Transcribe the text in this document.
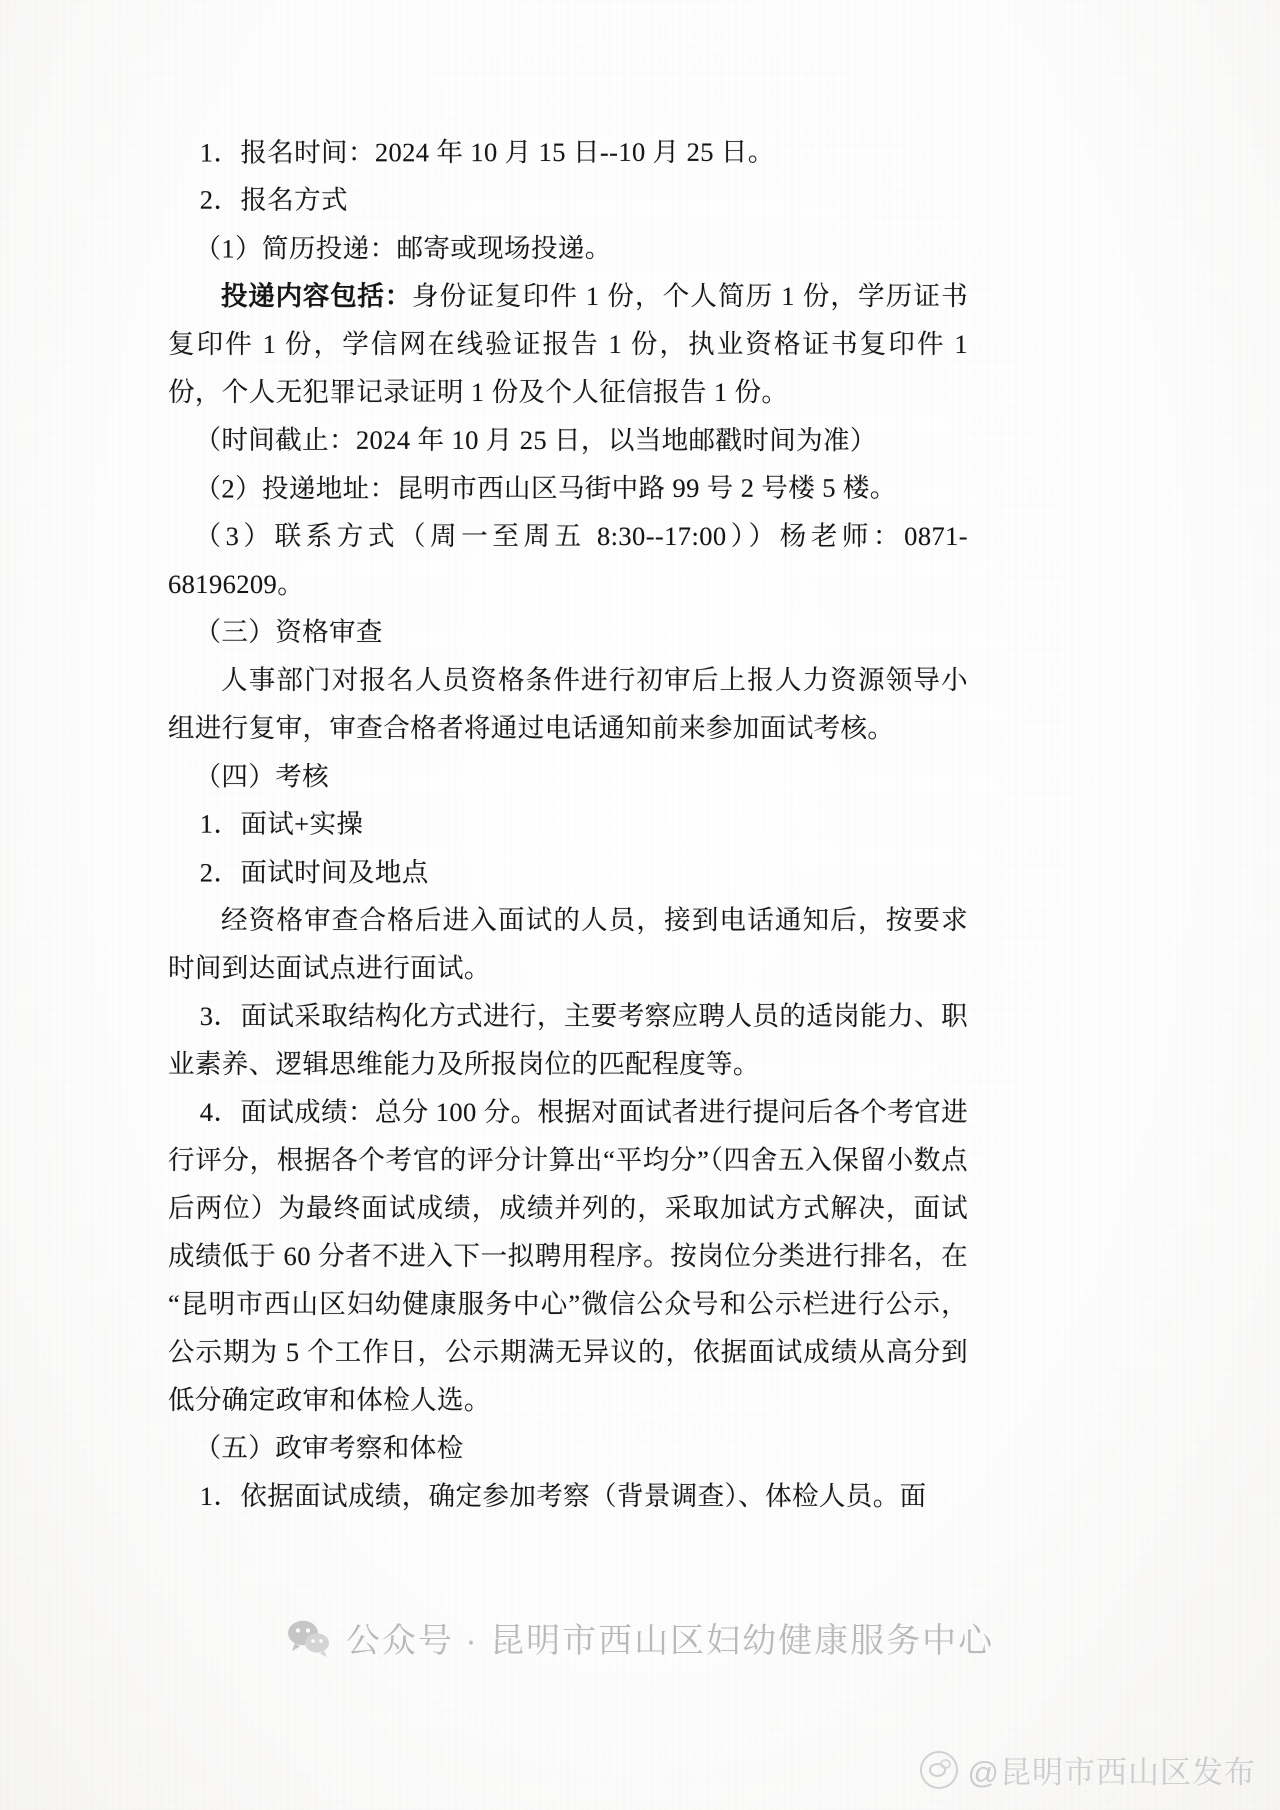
1．报名时间：2024 年 10 月 15 日--10 月 25 日。

2．报名方式

（1）简历投递：邮寄或现场投递。

投递内容包括：身份证复印件 1 份，个人简历 1 份，学历证书复印件 1 份，学信网在线验证报告 1 份，执业资格证书复印件 1 份，个人无犯罪记录证明 1 份及个人征信报告 1 份。

（时间截止：2024 年 10 月 25 日，以当地邮戳时间为准）

（2）投递地址：昆明市西山区马街中路 99 号 2 号楼 5 楼。

（3）联系方式（周一至周五 8:30--17:00））杨老师：0871-68196209。

（三）资格审查

人事部门对报名人员资格条件进行初审后上报人力资源领导小组进行复审，审查合格者将通过电话通知前来参加面试考核。

（四）考核

1．面试+实操

2．面试时间及地点

经资格审查合格后进入面试的人员，接到电话通知后，按要求时间到达面试点进行面试。

3．面试采取结构化方式进行，主要考察应聘人员的适岗能力、职业素养、逻辑思维能力及所报岗位的匹配程度等。

4．面试成绩：总分 100 分。根据对面试者进行提问后各个考官进行评分，根据各个考官的评分计算出“平均分”（四舍五入保留小数点后两位）为最终面试成绩，成绩并列的，采取加试方式解决，面试成绩低于 60 分者不进入下一拟聘用程序。按岗位分类进行排名，在“昆明市西山区妇幼健康服务中心”微信公众号和公示栏进行公示，公示期为 5 个工作日，公示期满无异议的，依据面试成绩从高分到低分确定政审和体检人选。

（五）政审考察和体检

1．依据面试成绩，确定参加考察（背景调查）、体检人员。面

公众号 · 昆明市西山区妇幼健康服务中心
@昆明市西山区发布
